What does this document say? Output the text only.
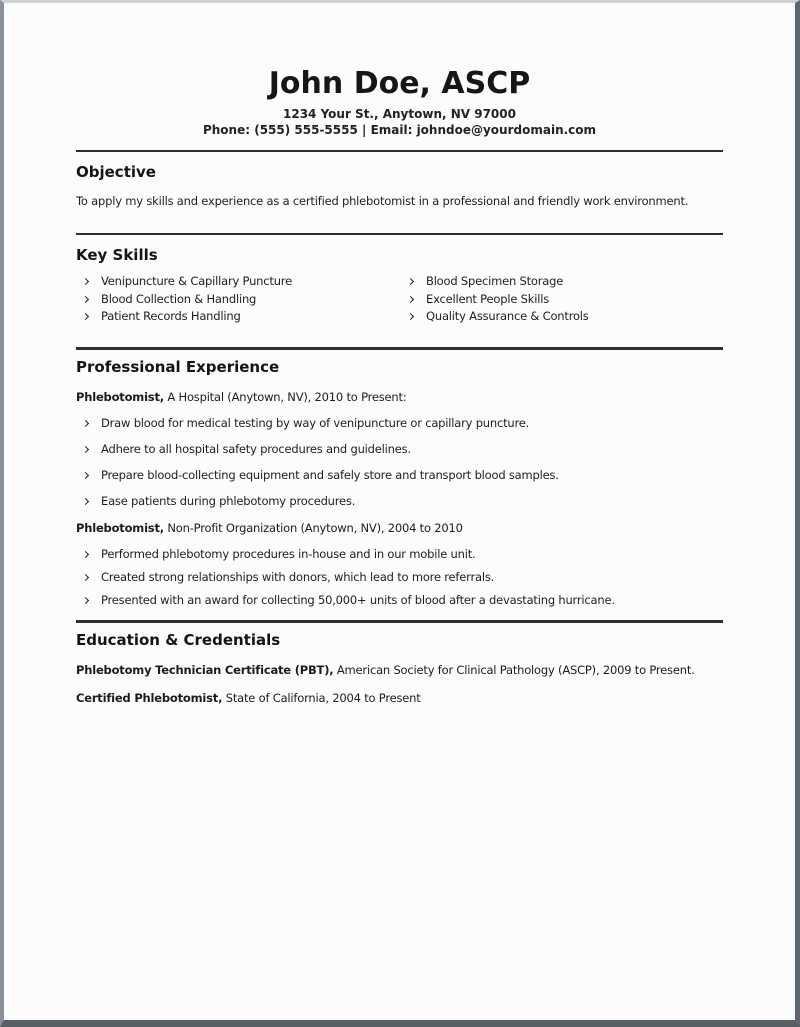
John Doe, ASCP
1234 Your St., Anytown, NV 97000
Phone: (555) 555-5555 | Email: johndoe@yourdomain.com
Objective

To apply my skills and experience as a certified phlebotomist in a professional and friendly work environment.

Key Skills
Venipuncture & Capillary Puncture
Blood Collection & Handling
Patient Records Handling
Blood Specimen Storage
Excellent People Skills
Quality Assurance & Controls
Professional Experience

Phlebotomist, A Hospital (Anytown, NV), 2010 to Present:

Draw blood for medical testing by way of venipuncture or capillary puncture.
Adhere to all hospital safety procedures and guidelines.
Prepare blood-collecting equipment and safely store and transport blood samples.
Ease patients during phlebotomy procedures.

Phlebotomist, Non-Profit Organization (Anytown, NV), 2004 to 2010

Performed phlebotomy procedures in-house and in our mobile unit.
Created strong relationships with donors, which lead to more referrals.
Presented with an award for collecting 50,000+ units of blood after a devastating hurricane.
Education & Credentials

Phlebotomy Technician Certificate (PBT), American Society for Clinical Pathology (ASCP), 2009 to Present.

Certified Phlebotomist, State of California, 2004 to Present
